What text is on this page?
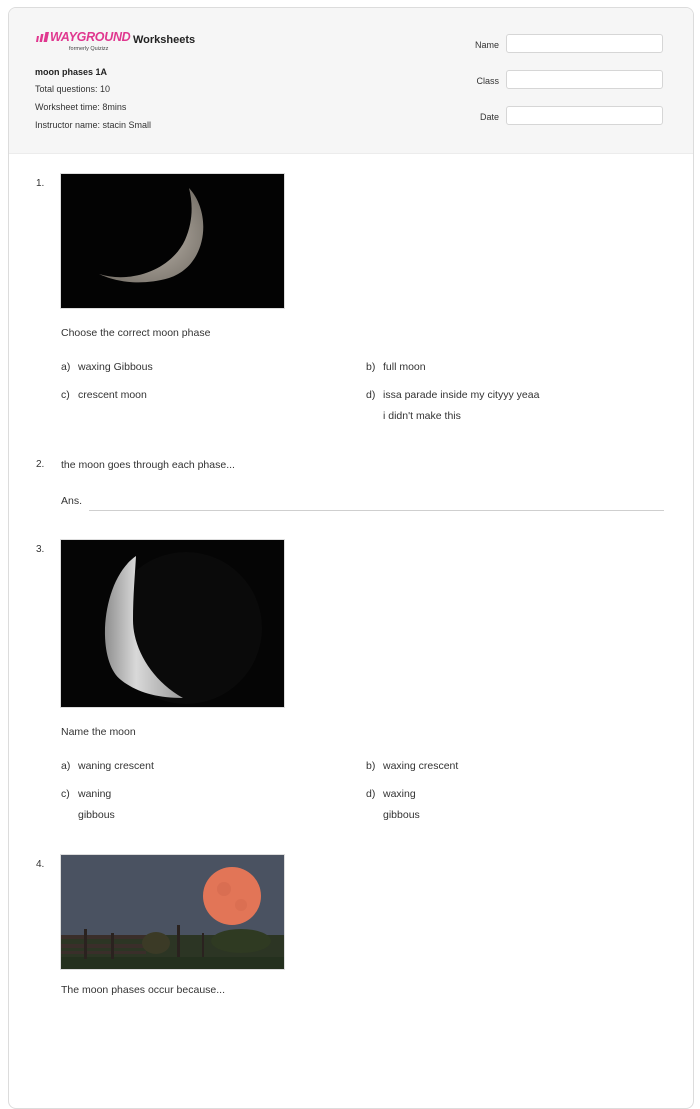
WAYGROUND
formerly Quizizz
Worksheets
moon phases 1A
Total questions: 10
Worksheet time: 8mins
Instructor name: stacin Small
Name
Class
Date
1.
Choose the correct moon phase
a) waxing Gibbous	b) full moon
c) crescent moon	d) issa parade inside my cityyy yeaa
i didn't make this
2. the moon goes through each phase...
Ans.
3.
Name the moon
a) waning crescent	b) waxing crescent
c) waning
gibbous
d) waxing
gibbous
4.
The moon phases occur because...
